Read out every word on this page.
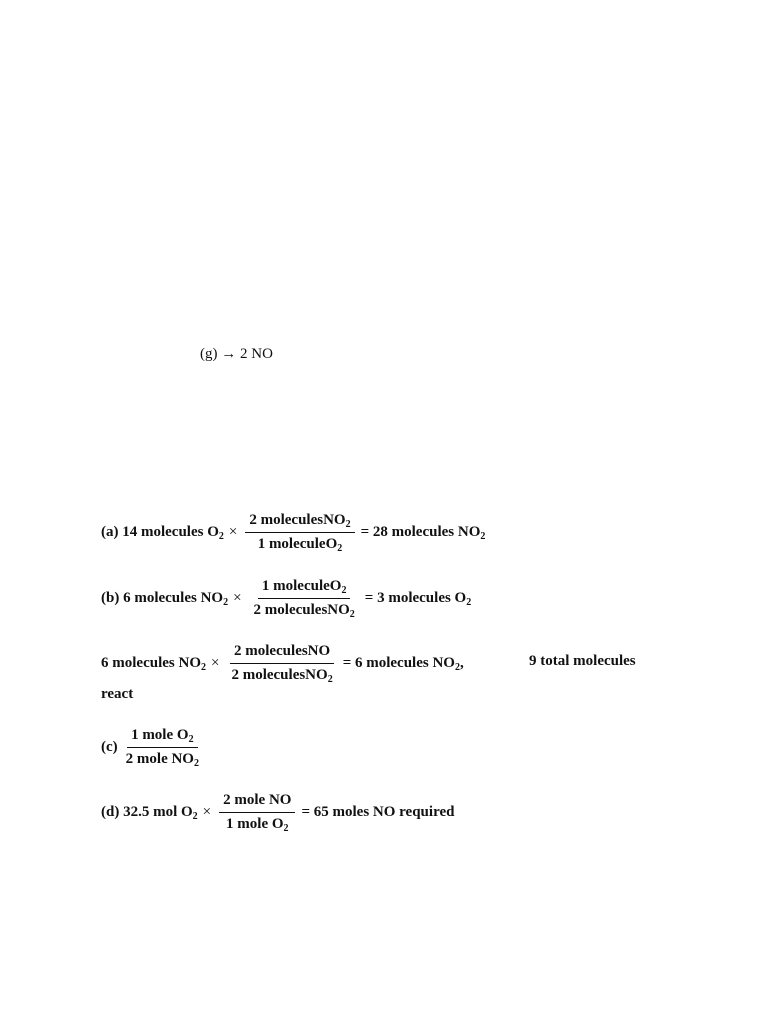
(g) → 2 NO
(a) 14 molecules $O_2 \times \frac{2 moleculesNO_2}{1 moleculeO_2} = 28$ molecules $NO_2$
(b) 6 molecules $NO_2 \times \frac{1 moleculeO_2}{2 moleculesNO_2} = 3$ molecules $O_2$
6 molecules $NO_2 \times \frac{\text{2 moleculesNO}}{2 moleculesNO_2} = 6$ molecules $NO_2$,	9 total molecules
react
$(c) \frac{1 mole O_2}{2 mole NO_2}$
(d) 32.5 mol $O_2 \times \frac{\text{2 mole NO}}{1 mole O_2} = 65$ moles NO required
